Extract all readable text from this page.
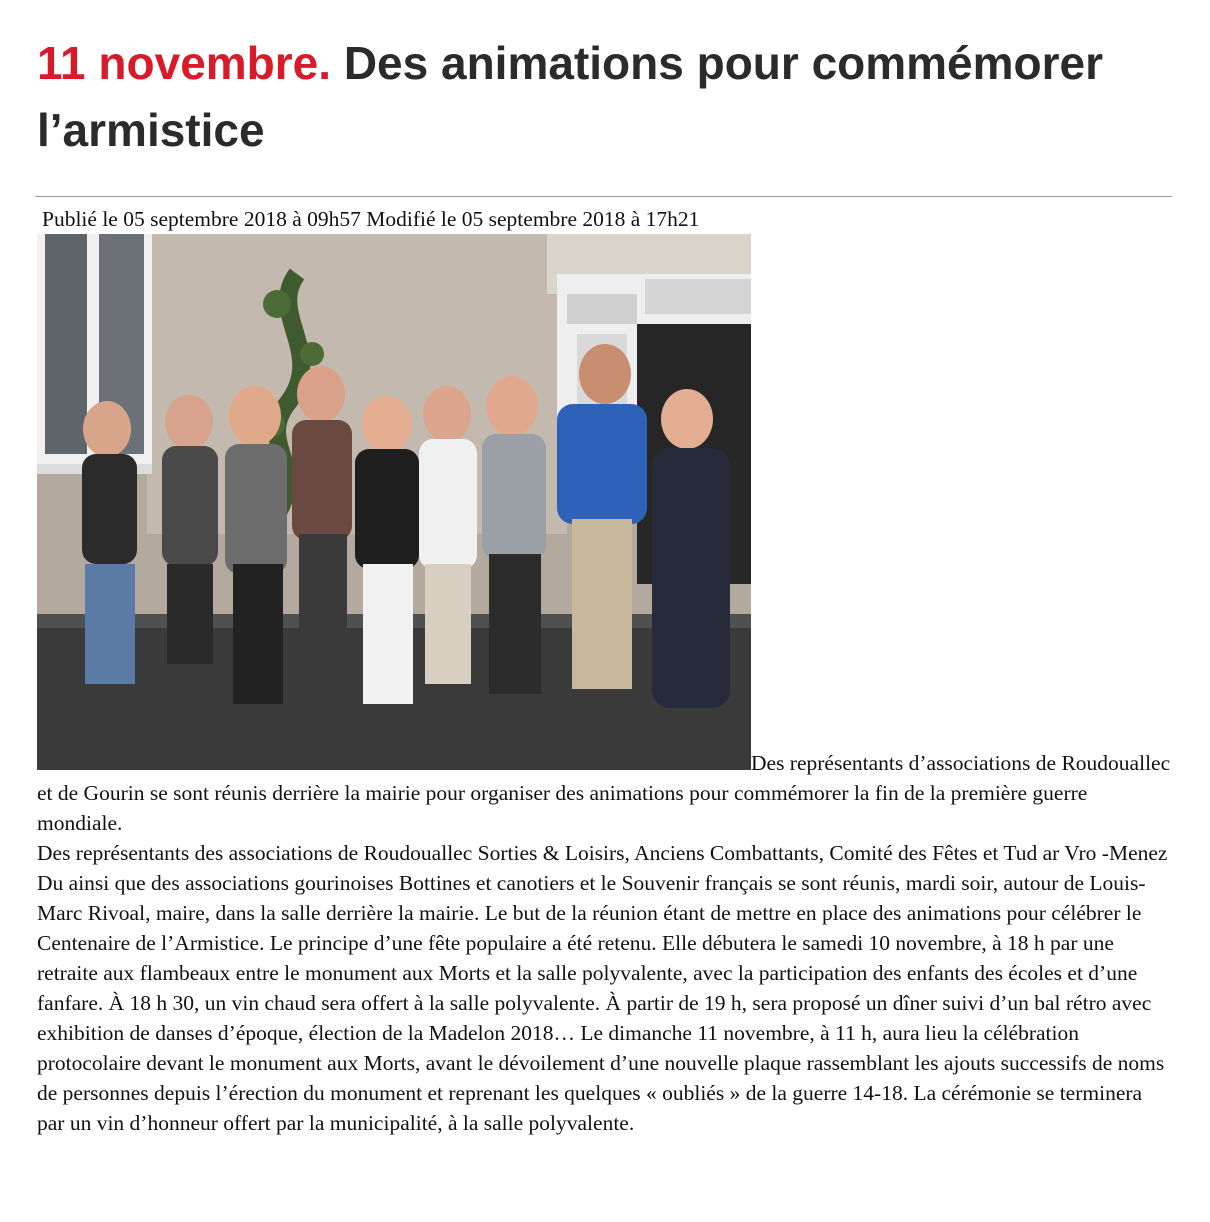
11 novembre. Des animations pour commémorer l’armistice
Publié le 05 septembre 2018 à 09h57 Modifié le 05 septembre 2018 à 17h21
Des représentants d’associations de Roudouallec et de Gourin se sont réunis derrière la mairie pour organiser des animations pour commémorer la fin de la première guerre mondiale.
Des représentants des associations de Roudouallec Sorties & Loisirs, Anciens Combattants, Comité des Fêtes et Tud ar Vro -Menez Du ainsi que des associations gourinoises Bottines et canotiers et le Souvenir français se sont réunis, mardi soir, autour de Louis-Marc Rivoal, maire, dans la salle derrière la mairie. Le but de la réunion étant de mettre en place des animations pour célébrer le Centenaire de l’Armistice. Le principe d’une fête populaire a été retenu. Elle débutera le samedi 10 novembre, à 18 h par une retraite aux flambeaux entre le monument aux Morts et la salle polyvalente, avec la participation des enfants des écoles et d’une fanfare. À 18 h 30, un vin chaud sera offert à la salle polyvalente. À partir de 19 h, sera proposé un dîner suivi d’un bal rétro avec exhibition de danses d’époque, élection de la Madelon 2018… Le dimanche 11 novembre, à 11 h, aura lieu la célébration protocolaire devant le monument aux Morts, avant le dévoilement d’une nouvelle plaque rassemblant les ajouts successifs de noms de personnes depuis l’érection du monument et reprenant les quelques « oubliés » de la guerre 14-18. La cérémonie se terminera par un vin d’honneur offert par la municipalité, à la salle polyvalente.
